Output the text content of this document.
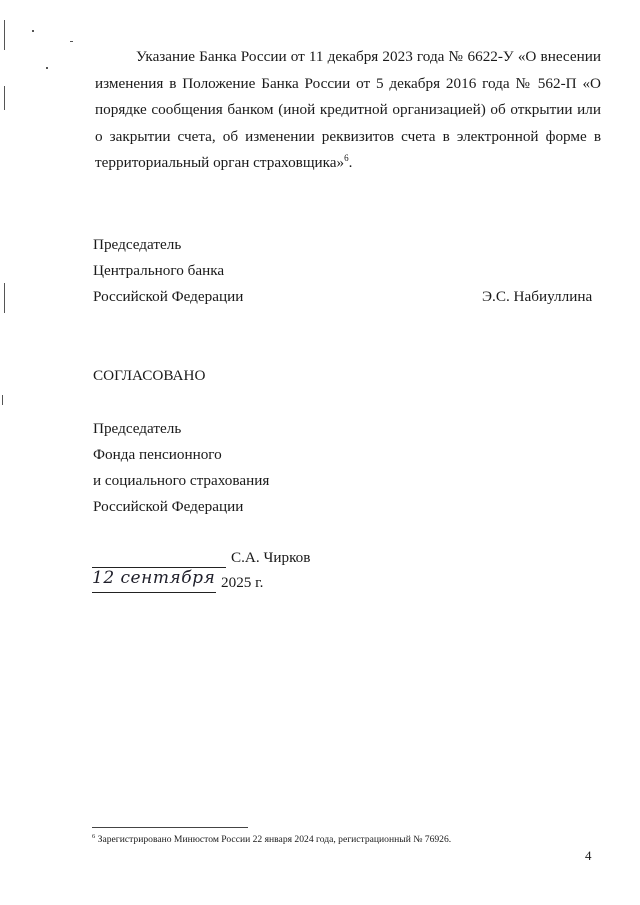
Указание Банка России от 11 декабря 2023 года № 6622-У «О внесении изменения в Положение Банка России от 5 декабря 2016 года № 562-П «О порядке сообщения банком (иной кредитной организацией) об открытии или о закрытии счета, об изменении реквизитов счета в электронной форме в территориальный орган страховщика»$^6$.
Председатель
Центрального банка
Российской Федерации	Э.С. Набиуллина
СОГЛАСОВАНО
Председатель
Фонда пенсионного
и социального страхования
Российской Федерации
С.А. Чирков
12 сентября 2025 г.
$^6$ Зарегистрировано Минюстом России 22 января 2024 года, регистрационный № 76926.
4
